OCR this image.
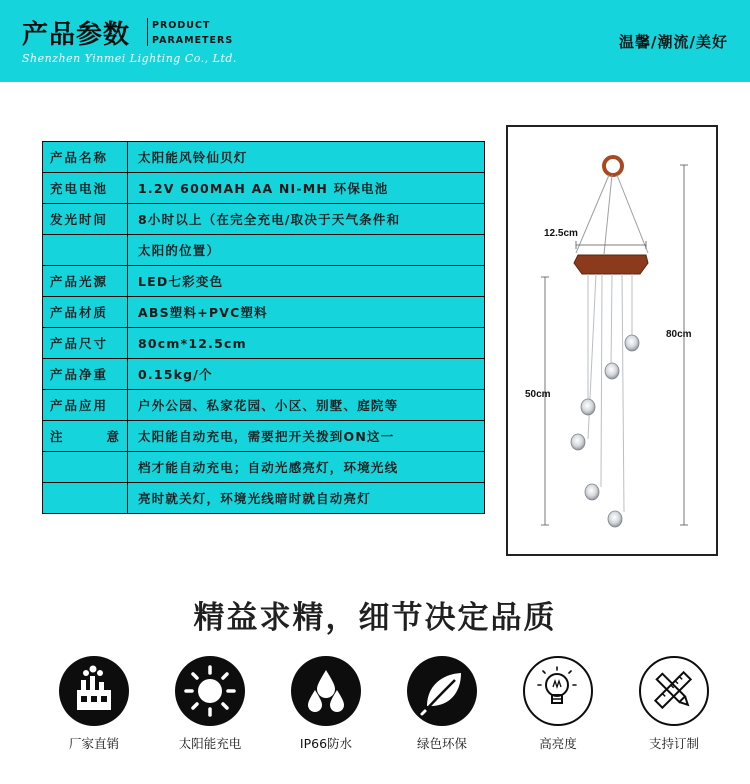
产品参数 PRODUCT
PARAMETERS
Shenzhen Yinmei Lighting Co., Ltd.
温馨/潮流/美好
产品名称	太阳能风铃仙贝灯
充电电池	1.2V 600MAH AA NI-MH 环保电池
发光时间	8小时以上（在完全充电/取决于天气条件和
	太阳的位置）
产品光源	LED七彩变色
产品材质	ABS塑料+PVC塑料
产品尺寸	80cm*12.5cm
产品净重	0.15kg/个
产品应用	户外公园、私家花园、小区、别墅、庭院等

注 意	太阳能自动充电，需要把开关拨到ON这一
	档才能自动充电；自动光感亮灯，环境光线
	亮时就关灯，环境光线暗时就自动亮灯
12.5cm
80cm
50cm
精益求精，细节决定品质
厂家直销	太阳能充电	IP66防水	绿色环保	高亮度	支持订制
